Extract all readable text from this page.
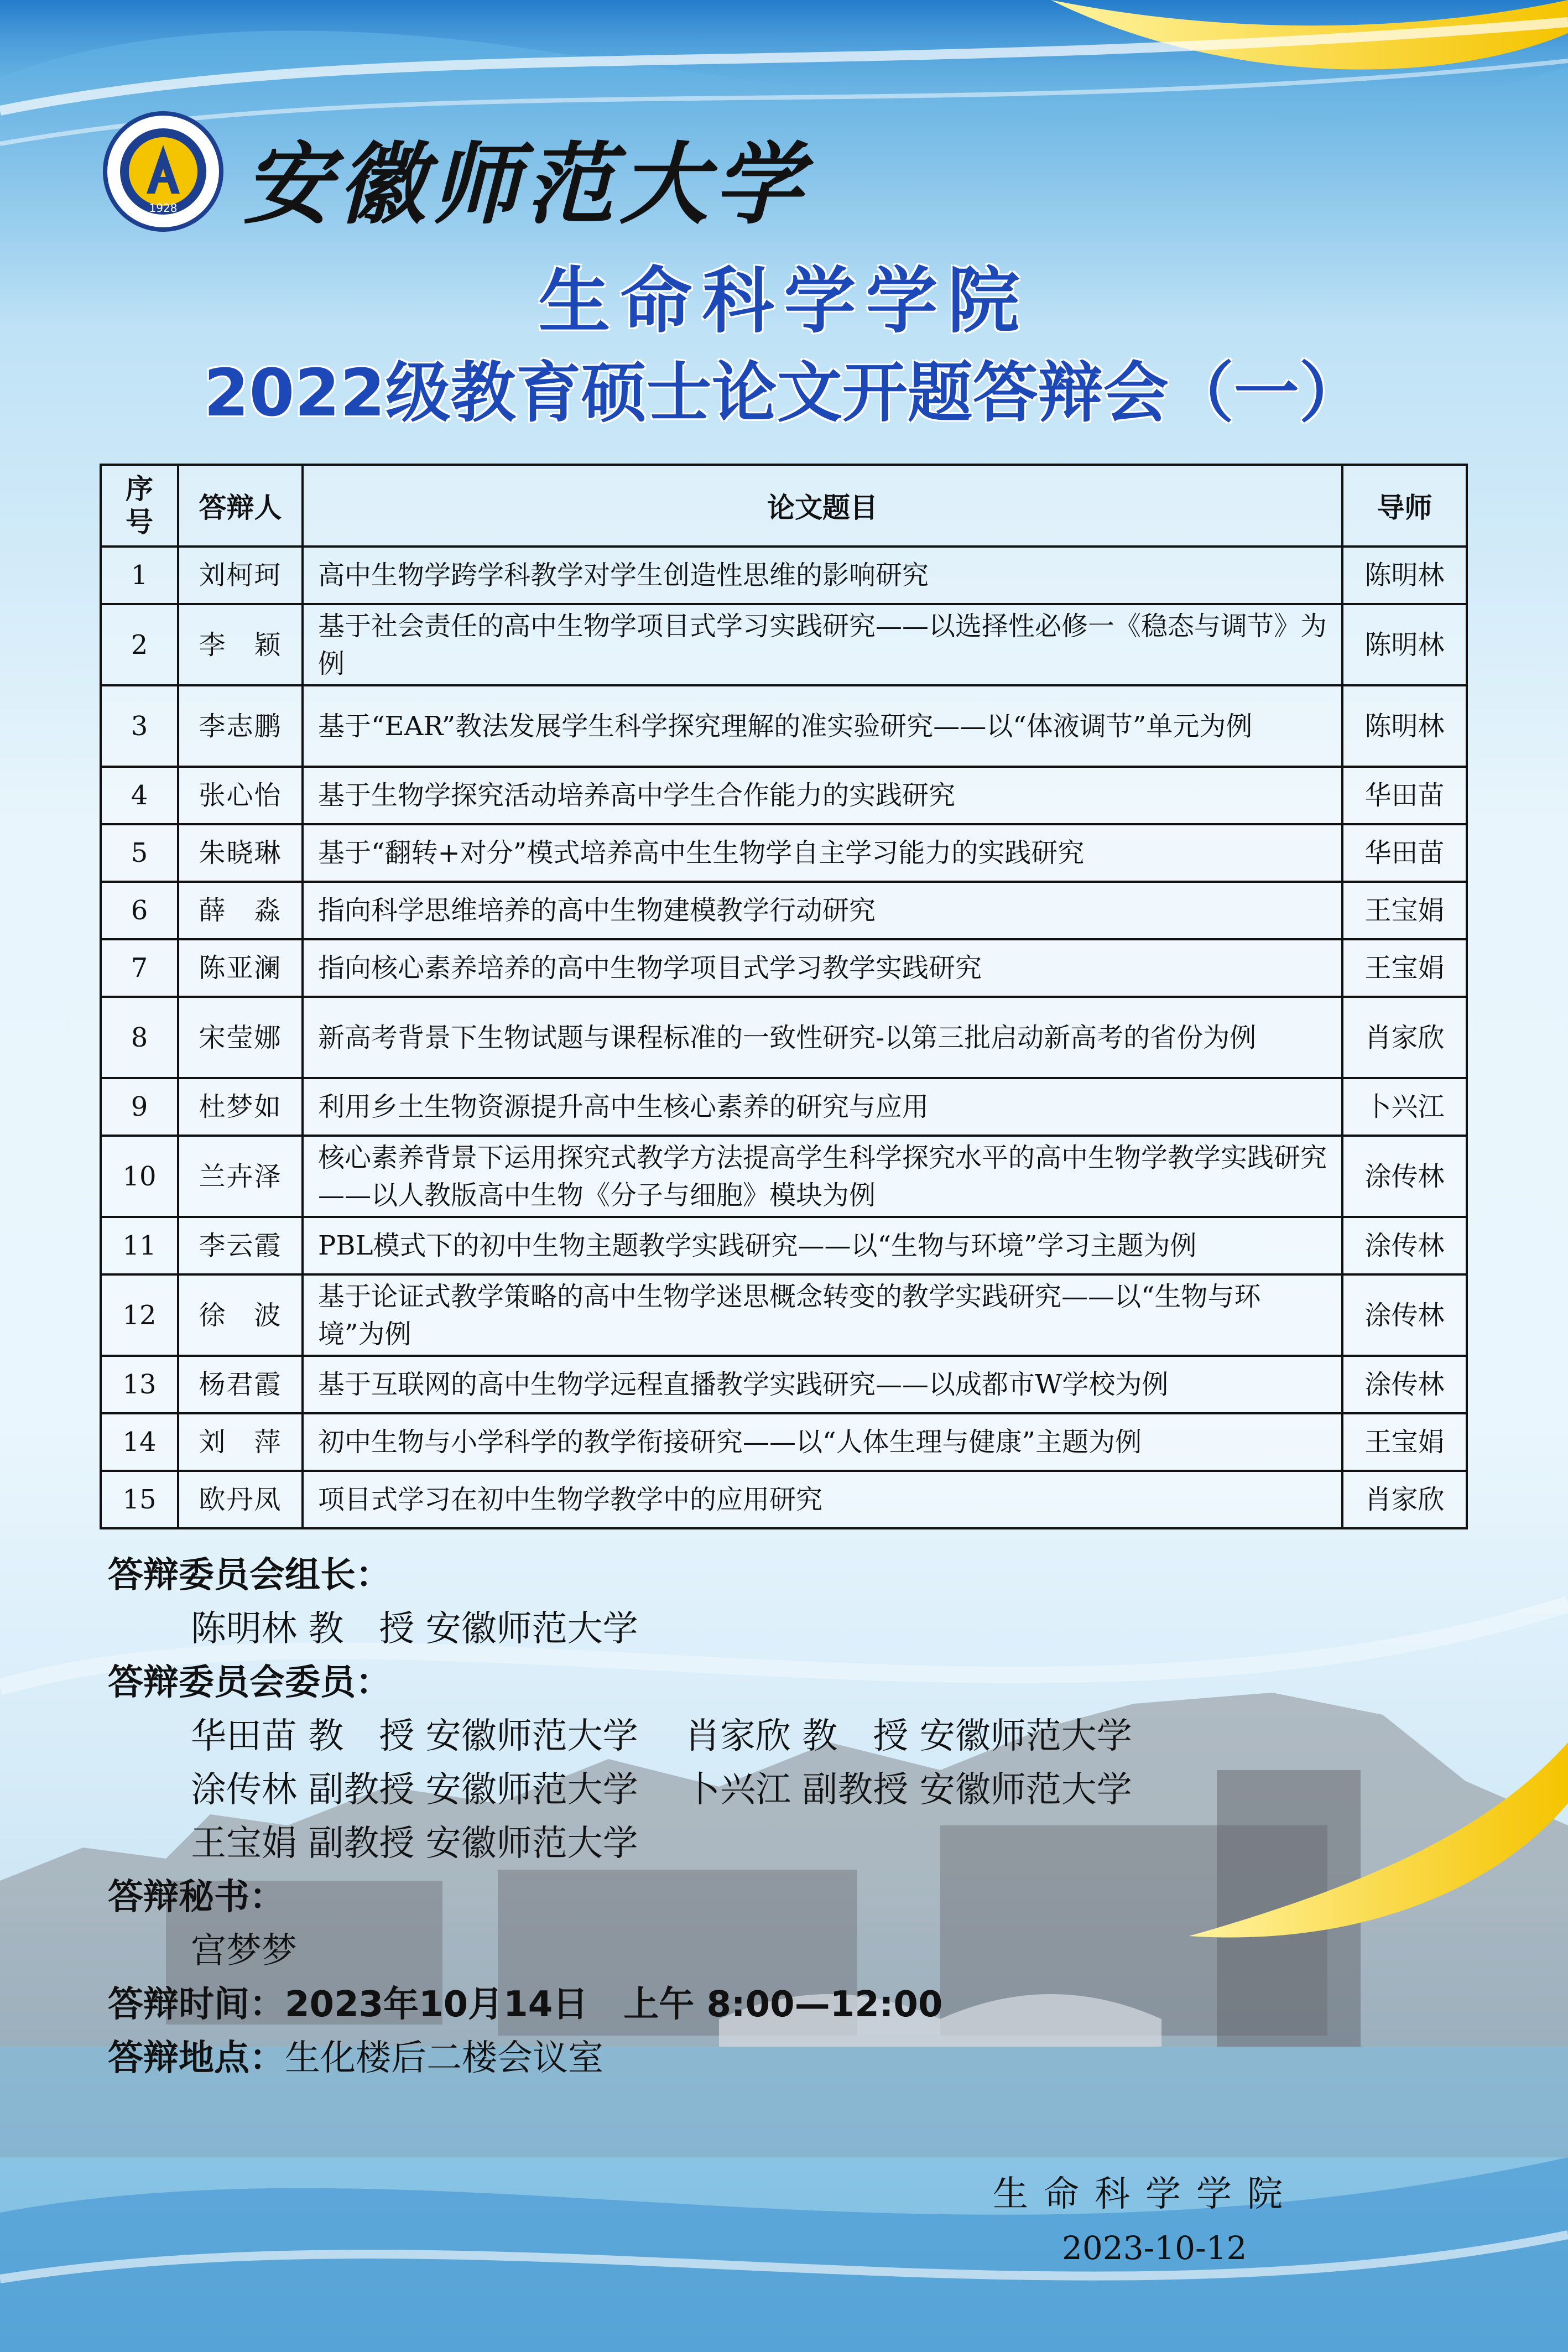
1928 安徽师范大学
生命科学学院
2022级教育硕士论文开题答辩会（一）
序号	答辩人	论文题目	导师
1	刘柯珂	高中生物学跨学科教学对学生创造性思维的影响研究	陈明林
2	李　颖	基于社会责任的高中生物学项目式学习实践研究——以选择性必修一《稳态与调节》为例	陈明林
3	李志鹏	基于“EAR”教法发展学生科学探究理解的准实验研究——以“体液调节”单元为例	陈明林
4	张心怡	基于生物学探究活动培养高中学生合作能力的实践研究	华田苗
5	朱晓琳	基于“翻转+对分”模式培养高中生生物学自主学习能力的实践研究	华田苗
6	薛　淼	指向科学思维培养的高中生物建模教学行动研究	王宝娟
7	陈亚澜	指向核心素养培养的高中生物学项目式学习教学实践研究	王宝娟
8	宋莹娜	新高考背景下生物试题与课程标准的一致性研究-以第三批启动新高考的省份为例	肖家欣
9	杜梦如	利用乡土生物资源提升高中生核心素养的研究与应用	卜兴江
10	兰卉泽	核心素养背景下运用探究式教学方法提高学生科学探究水平的高中生物学教学实践研究——以人教版高中生物《分子与细胞》模块为例	涂传林
11	李云霞	PBL模式下的初中生物主题教学实践研究——以“生物与环境”学习主题为例	涂传林
12	徐　波	基于论证式教学策略的高中生物学迷思概念转变的教学实践研究——以“生物与环境”为例	涂传林
13	杨君霞	基于互联网的高中生物学远程直播教学实践研究——以成都市W学校为例	涂传林
14	刘　萍	初中生物与小学科学的教学衔接研究——以“人体生理与健康”主题为例	王宝娟
15	欧丹凤	项目式学习在初中生物学教学中的应用研究	肖家欣
答辩委员会组长：
陈明林 教　授 安徽师范大学
答辩委员会委员：
华田苗 教　授 安徽师范大学　 肖家欣 教　授 安徽师范大学
涂传林 副教授 安徽师范大学　 卜兴江 副教授 安徽师范大学
王宝娟 副教授 安徽师范大学
答辩秘书：
宫梦梦
答辩时间：2023年10月14日　上午 8:00—12:00
答辩地点：生化楼后二楼会议室
生命科学学院
2023-10-12
